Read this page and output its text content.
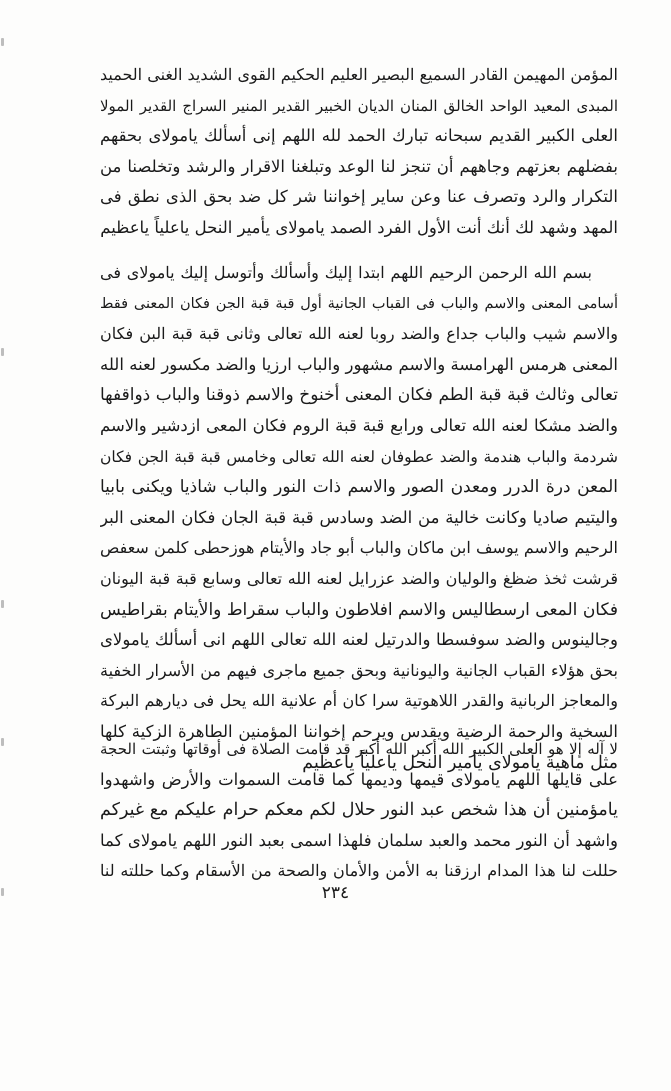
المؤمن المهيمن القادر السميع البصير العليم الحكيم القوى الشديد الغنى الحميد
المبدى المعيد الواحد الخالق المنان الديان الخبير القدير المنير السراج القدير المولا
العلى الكبير القديم سبحانه تبارك الحمد لله اللهم إنى أسألك يامولاى بحقهم
بفضلهم بعزتهم وجاههم أن تنجز لنا الوعد وتبلغنا الاقرار والرشد وتخلصنا من
التكرار والرد وتصرف عنا وعن ساير إخواننا شر كل ضد بحق الذى نطق فى
المهد وشهد لك أنك أنت الأول الفرد الصمد يامولاى يأمير النحل ياعلياً ياعظيم
بسم الله الرحمن الرحيم اللهم ابتدا إليك وأسألك وأتوسل إليك يامولاى فى
أسامى المعنى والاسم والباب فى القباب الجانية أول قبة قبة الجن فكان المعنى فقط
والاسم شيب والباب جداع والضد روبا لعنه الله تعالى وثانى قبة قبة البن فكان
المعنى هرمس الهرامسة والاسم مشهور والباب ارزيا والضد مكسور لعنه الله
تعالى وثالث قبة قبة الطم فكان المعنى أخنوخ والاسم ذوقنا والباب ذواقفها
والضد مشكا لعنه الله تعالى ورابع قبة قبة الروم فكان المعى ازدشير والاسم
شردمة والباب هندمة والضد عطوفان لعنه الله تعالى وخامس قبة قبة الجن فكان
المعن درة الدرر ومعدن الصور والاسم ذات النور والباب شاذيا ويكنى بابيا
واليتيم صاديا وكانت خالية من الضد وسادس قبة قبة الجان فكان المعنى البر
الرحيم والاسم يوسف ابن ماكان والباب أبو جاد والأيتام هوزحطى كلمن سعفص
قرشت ثخذ ضظغ والوليان والضد عزرايل لعنه الله تعالى وسابع قبة قبة اليونان
فكان المعى ارسطاليس والاسم افلاطون والباب سقراط والأيتام بقراطيس
وجالينوس والضد سوفسطا والدرتيل لعنه الله تعالى اللهم انى أسألك يامولاى
بحق هؤلاء القباب الجانية واليونانية وبحق جميع ماجرى فيهم من الأسرار الخفية
والمعاجز الربانية والقدر اللاهوتية سرا كان أم علانية الله يحل فى ديارهم البركة
السخية والرحمة الرضية ويقدس ويرحم إخواننا المؤمنين الطاهرة الزكية كلها
مثل ماهية يامولاى يأمير النحل ياعلياً ياعظيم
لا آله إلا هو العلى الكبير الله أكبر الله أكبر قد قامت الصلاة فى أوقاتها وثبتت الحجة
على قايلها اللهم يامولاى قيمها وديمها كما قامت السموات والأرض واشهدوا
يامؤمنين أن هذا شخص عبد النور حلال لكم معكم حرام عليكم مع غيركم
واشهد أن النور محمد والعبد سلمان فلهذا اسمى بعبد النور اللهم يامولاى كما
حللت لنا هذا المدام ارزقنا به الأمن والأمان والصحة من الأسقام وكما حللته لنا
٢٣٤
